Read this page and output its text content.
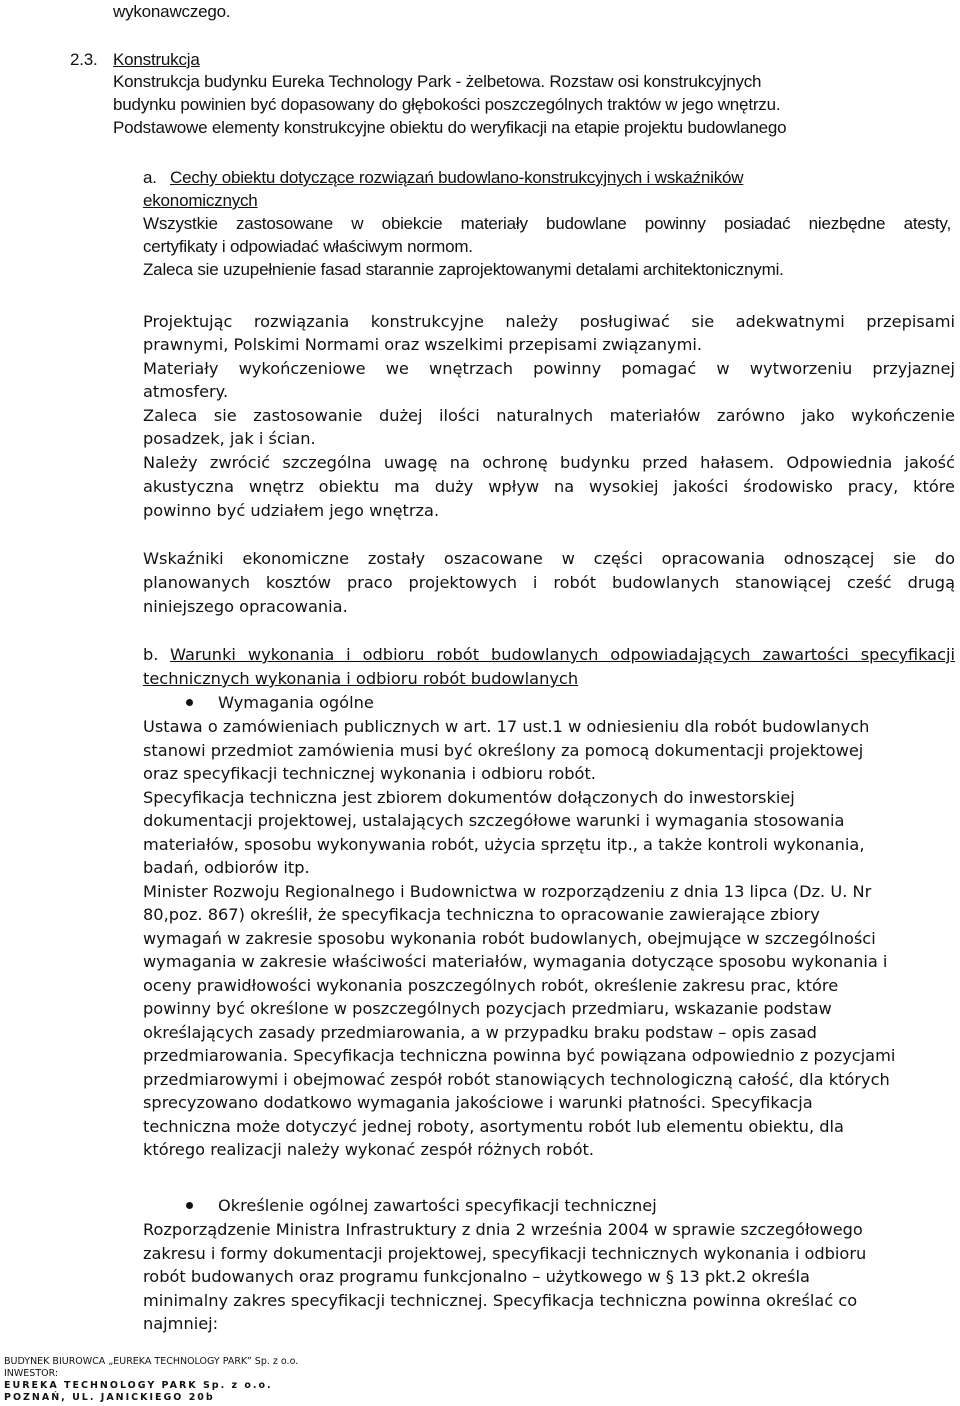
wykonawczego.
2.3. Konstrukcja
Konstrukcja budynku Eureka Technology Park - żelbetowa. Rozstaw osi konstrukcyjnych
budynku powinien być dopasowany do głębokości poszczególnych traktów w jego wnętrzu.
Podstawowe elementy konstrukcyjne obiektu do weryfikacji na etapie projektu budowlanego
a. Cechy obiektu dotyczące rozwiązań budowlano-konstrukcyjnych i wskaźników
ekonomicznych
Wszystkie zastosowane w obiekcie materiały budowlane powinny posiadać niezbędne atesty,
certyfikaty i odpowiadać właściwym normom.
Zaleca sie uzupełnienie fasad starannie zaprojektowanymi detalami architektonicznymi.
Projektując rozwiązania konstrukcyjne należy posługiwać sie adekwatnymi przepisami
prawnymi, Polskimi Normami oraz wszelkimi przepisami związanymi.
Materiały wykończeniowe we wnętrzach powinny pomagać w wytworzeniu przyjaznej
atmosfery.
Zaleca sie zastosowanie dużej ilości naturalnych materiałów zarówno jako wykończenie
posadzek, jak i ścian.
Należy zwrócić szczególna uwagę na ochronę budynku przed hałasem. Odpowiednia jakość
akustyczna wnętrz obiektu ma duży wpływ na wysokiej jakości środowisko pracy, które
powinno być udziałem jego wnętrza.
Wskaźniki ekonomiczne zostały oszacowane w części opracowania odnoszącej sie do
planowanych kosztów praco projektowych i robót budowlanych stanowiącej cześć drugą
niniejszego opracowania.
b. Warunki wykonania i odbioru robót budowlanych odpowiadających zawartości specyfikacji
technicznych wykonania i odbioru robót budowlanych
Wymagania ogólne
Ustawa o zamówieniach publicznych w art. 17 ust.1 w odniesieniu dla robót budowlanych
stanowi przedmiot zamówienia musi być określony za pomocą dokumentacji projektowej
oraz specyfikacji technicznej wykonania i odbioru robót.
Specyfikacja techniczna jest zbiorem dokumentów dołączonych do inwestorskiej
dokumentacji projektowej, ustalających szczegółowe warunki i wymagania stosowania
materiałów, sposobu wykonywania robót, użycia sprzętu itp., a także kontroli wykonania,
badań, odbiorów itp.
Minister Rozwoju Regionalnego i Budownictwa w rozporządzeniu z dnia 13 lipca (Dz. U. Nr
80,poz. 867) określił, że specyfikacja techniczna to opracowanie zawierające zbiory
wymagań w zakresie sposobu wykonania robót budowlanych, obejmujące w szczególności
wymagania w zakresie właściwości materiałów, wymagania dotyczące sposobu wykonania i
oceny prawidłowości wykonania poszczególnych robót, określenie zakresu prac, które
powinny być określone w poszczególnych pozycjach przedmiaru, wskazanie podstaw
określających zasady przedmiarowania, a w przypadku braku podstaw – opis zasad
przedmiarowania. Specyfikacja techniczna powinna być powiązana odpowiednio z pozycjami
przedmiarowymi i obejmować zespół robót stanowiących technologiczną całość, dla których
sprecyzowano dodatkowo wymagania jakościowe i warunki płatności. Specyfikacja
techniczna może dotyczyć jednej roboty, asortymentu robót lub elementu obiektu, dla
którego realizacji należy wykonać zespół różnych robót.
Określenie ogólnej zawartości specyfikacji technicznej
Rozporządzenie Ministra Infrastruktury z dnia 2 września 2004 w sprawie szczegółowego
zakresu i formy dokumentacji projektowej, specyfikacji technicznych wykonania i odbioru
robót budowanych oraz programu funkcjonalno – użytkowego w § 13 pkt.2 określa
minimalny zakres specyfikacji technicznej. Specyfikacja techniczna powinna określać co
najmniej:
BUDYNEK BIUROWCA „EUREKA TECHNOLOGY PARK” Sp. z o.o.
INWESTOR:
EUREKA TECHNOLOGY PARK Sp. z o.o.
POZNAŃ, UL. JANICKIEGO 20b
